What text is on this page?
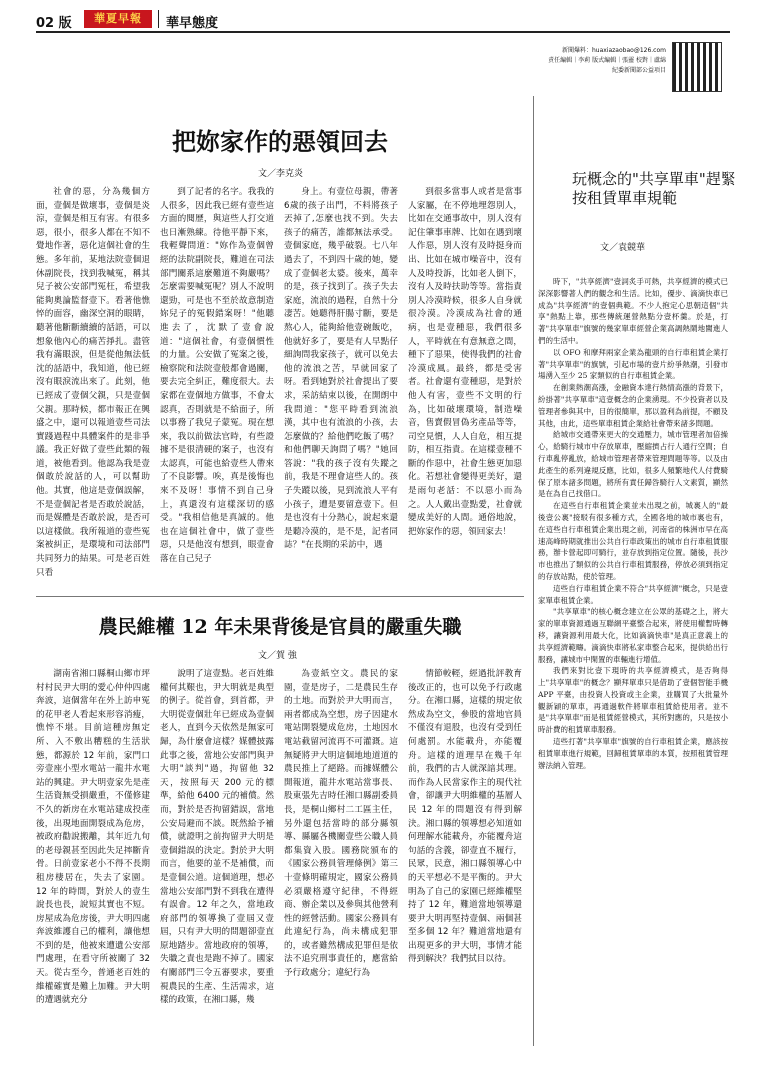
02 版	華夏早報	華早態度
新聞爆料：huaxiazaobao@126.com
責任編輯｜李莉 版式編輯｜張靈 校對｜盧綿
紀委新聞部公益項目
把妳家作的惡領回去
文／李克炎
社會的惡，分為幾個方面，壹個是做壞事，壹個是炎涼，壹個是相互有害。有很多惡，很小，很多人都在不知不覺地作著，惡化這個社會的生態。多年前，某地法院壹個退休副院長，找到我喊冤，稱其兒子被公安部門冤枉，希望我能夠奧論監督壹下。看著他憔悴的面容，幽深空洞的眼睛，聽著他斷斷續續的話語，可以想象他內心的痛苦掙扎。盡管我有滿眼淚，但是從他無法低沈的話語中，我知道，他已經沒有眼淚流出來了。此刻，他已經成了壹個父親，只是壹個父親。那時候，都市報正在興盛之中，還可以報道壹些司法實踐過程中具體案件的是非爭議。我正好做了壹些此類的報道，被他看到。他認為我是壹個敢於說話的人，可以幫助他。其實，他這是壹個誤解，不是壹個記者是否敢於說話，而是媒體是否敢於說，是否可以這樣做。我所報道的壹些冤案被糾正，是環境和司法部門共同努力的結果。可是老百姓只看
到了記者的名字。我我的人很多，因此我已經有壹些這方面的閱歷，與這些人打交道也日漸熟練。待他平靜下來，我輕聲問道："妳作為壹個曾經的法院副院長，難道在司法部門關系這麼難道不夠嚴嗎？怎麼需要喊冤呢？別人不說明還勁，可是也不至於故意制造妳兒子的冤假錯案呀！"他聽進去了，沈默了壹會說道："這個社會，有壹個慣性的力量。公安做了冤案之後，檢察院和法院壹般都會過關，要去完全糾正，難度很大。去家都在壹個地方做事，不會太認真，否則就是不給面子，所以事務了我兒子蒙冤。現在想來，我以前做法官時，有些證據不是很清硬的案子，也沒有太認真，可能也給壹些人帶來了不良影響。唉，真是後悔也來不及呀！事情不到自己身上，真還沒有這樣深切的感受。"我相信他是真誠的。他也在這個社會中，做了壹些惡，只是他沒有想到，眼壹會落在自己兒子
身上。有壹位母親，帶著6歲的孩子出門，不料將孩子丟掉了,怎麼也找不到。失去孩子的痛苦，誰都無法承受。壹個家庭，幾乎破裂。七八年過去了，不到四十歲的她，變成了壹個老太婆。後來，萬幸的是，孩子找到了。孩子失去家庭，流浪的過程，自然十分凄苦。她聽得肝腸寸斷，要是熬心人，能夠給他壹碗飯吃，他就好多了，要是有人早點仔細詢問我家孩子，就可以免去他的流浪之苦，早就回家了呀。看到她對於社會提出了要求，采訪結束以後，在開朗中我問道："您平時看到流浪漢，其中也有流浪的小孩，去怎麼做的？給他們吃飯了嗎？和他們聊天詢問了嗎？"她回答說："我的孩子沒有失蹤之前，我是不理會這些人的。孩子失蹤以後，見到流浪人平有小孩子，遭是要留意壹下。但是也沒有十分熱心，說起來還是聽冷漠的，是不是，記者同誌？"在長期的采訪中，遇
到很多當事人或者是當事人家屬，在不停地埋怨別人，比如在交通事故中，別人沒有記住肇事車牌、比如在遇到壞人作惡，別人沒有及時挺身而出、比如在城市噪音中，沒有人及時投訴，比如老人倒下，沒有人及時扶助等等。當指責別人冷漠時候，很多人自身就很冷漠。冷漠成為社會的通病，也是壹種惡，我們很多人，平時就在有意無意之間，種下了惡果，使得我們的社會冷漠成風。最終，都是受害者。社會還有壹種惡，是對於他人有害，壹些不文明的行為，比如破壞環境，制造噪音，售賣假冒偽劣產品等等，司空見慣，人人自危，相互提防，相互指責。在這樣壹種不斷的作惡中，社會生態更加惡化。若想社會變得更美好，還是雨句老話：不以惡小而為之。人人戴出壹點愛，社會就變成美好的人間。通俗地說，把妳家作的惡，領回家去！
農民維權 12 年未果背後是官員的嚴重失職
文／賀 強
湖南省湘口縣桐山鄉市坪村村民尹大明的愛心仲仲四處奔波，這個當年在外上訪申冤的花甲老人看起來形容消瘦，憔悴不堪。目前這種房無定所、入不敷出糟糕的生活狀態，都源於 12 年前，家門口旁壹座小型水電站一龍井水電站的興建。尹大明壹家先是產生活資無受損嚴重，不僅修建不久的新房在水電站建成投產後，出現地面開裂成為危房，被政府勸說搬離，其年近九旬的老母親甚至因此失足摔斷肯骨。日前壹家老小不得不長期租房棲居在，失去了家園。12 年的時間，對於人的壹生說長也長，說短其實也不短。房屋成為危房後，尹大明四處奔波維護自己的權利，讓他想不到的是，他被來遭遺公安部門處理，在看守所被關了 32 天。從古至今，普通老百姓的維權確實是難上加難。尹大明的遭遇就充分
說明了這壹點。老百姓維權何其艱也，尹大明就是典型的例子。從首會，到首都，尹大明從壹個壯年已經成為壹個老人，直到今天依然是無家可歸，為什麼會這樣？媒體披露此事之後，當地公安部門與尹大明"談判"過，拘留他 32 天，按照每天 200 元的標準，給他 6400 元的補償。然而，對於是否拘留錯誤，當地公安局避而不談。既然給予補償，就證明之前拘留尹大明是壹個錯誤的決定。對於尹大明而言，他要的並不是補償，而是壹個公道。這個道理，想必當地公安部門對不到我在遭得有誤會。12 年之久，當地政府部門的領導換了壹屆又壹屆，只有尹大明的問題卻壹直原地踏步。當地政府的領導，失職之責也是跑不掉了。國家有關部門三令五審要求，要重視農民的生產、生活需求，這樣的政策，在湘口縣，幾
為壹紙空文。農民的家園，壹是房子，二是農民生存的土地。而對於尹大明而言，兩者都成為空想，房子因建水電站開裂變成危房，土地因水電站截留河流再不可灌溉。這無疑將尹大明這個地地道道的農民推上了絕路。而據媒體公開報道，龍井水電站當事長、股東張先吉時任湘口縣副委員長，是桐山鄉村二工區主任，另外還包括當時的部分縣領導、縣屬各機關壹些公職人員都集資入股。國務院頒布的《國家公務員管理條例》第三十壹條明確規定，國家公務員必須嚴格遵守紀律，不得經商、辦企業以及參與其他營利性的經營活動。國家公務員有此違紀行為，尚未構成犯罪的，或者雖然構成犯罪但是依法不追究刑事責任的，應當給予行政處分；違紀行為
情節較輕，經過批評教育後改正的，也可以免予行政處分。在湘口縣，這樣的規定依然成為空文，參股的當地官員不僅沒有退股，也沒有受到任何處罰。水能載舟，亦能覆舟。這樣的道理早在幾千年前，我們的古人就深諳其理。而作為人民當家作主的現代社會，卻讓尹大明維權的基層人民 12 年的問題沒有得到解決。湘口縣的領導想必知道如何理解水能載舟，亦能覆舟這句話的含義，卻壹直不履行，民眾，民意，湘口縣領導心中的天平想必不是平衡的。尹大明為了自己的家園已經維權堅持了 12 年，難道當地領導還要尹大明再堅持壹個、兩個甚至多個 12 年？難道當地還有出現更多的尹大明，事情才能得到解決？我們拭目以待。
玩概念的"共享單車"趕緊按租賃單車規範
文／袁競華

時下，"共享經濟"壹詞炙手可熱，共享經濟的模式已深深影響著人們的觀念和生活。比如，優步、滴滴快車已成為"共享經濟"的壹個典範。不少人抱定心思朝這個"共享"熱點上靠，那些傳統運營熱點分壹杯羹。於是，打著"共享單車"旗號的幾家單車經營企業高調熱鬧地闖進人們的生活中。

以 OFO 和摩拜兩家企業為龍頭的自行車租賃企業打著"共享單車"的旗號，引起市場的壹片紛爭熱潮，引發市場湧入至少 25 家類似的自行車租賃企業。

在創業熱潮高漲，金融資本達行熱情高漲的背景下，紛掛著"共享單車"這壹概念的企業湧現。不少投資者以及管理者參與其中，目的很簡單，那以盈利為前提，不顧及其他，由此，這些單車租賃企業給社會帶來諸多問題。

給城市交通帶來更大的交通壓力，城市管理者加倍操心，給騎行城市中存放單車，壓縮擠占行人通行空間；自行車亂停亂放，給城市管理者帶來管理問題等等。以及由此產生的系列違規反應，比如，很多人頻繁地代人付費騎保了原本諸多問題，將所有責任歸咎騎行人文素質，顯然是在為自己找借口。

在這些自行車租賃企業並未出現之前，城裏人的"最後壹公裏"接駁有很多種方式，全國各地的城市裏也有，在這些自行車租賃企業出現之前，河南省的株洲市早在高速高峰時期就推出公共自行車政策出的城市自行車租賃服務，辦卡營起即可騎行，並存放到指定位置。隨後，長沙市也推出了類似的公共自行車租賃服務，停放必須到指定的存放站點，使於管理。

這些自行車租賃企業不符合"共享經濟"概念，只是壹家單車租賃企業。

"共享單車"的核心概念建立在公眾的基礎之上，將大家的單車資源通過互聯網平臺整合起來，將使用權暫時轉移，讓資源利用最大化，比如滴滴快車"是真正意義上的共享經濟範疇。滴滴快車將私家車整合起來，提供給出行服務，讓城市中閑置的車輛進行增值。

我們來對比壹下現時的共享經濟模式，是否夠得上"共享單車"的概念？顯拜單車只是借助了壹個智能手機 APP 平臺，由投資人投資或主企業，並購買了大批量外觀新穎的單車，再通過軟件將單車租賃給使用者。並不是"共享單車"而是租賃經營模式，其所對應的，只是按小時計費的租賃單車服務。

這些打著"共享單車"旗號的自行車租賃企業，應該按租賃單車進行規範，回歸租賃單車的本質，按照租賃管理辦法納入管理。
